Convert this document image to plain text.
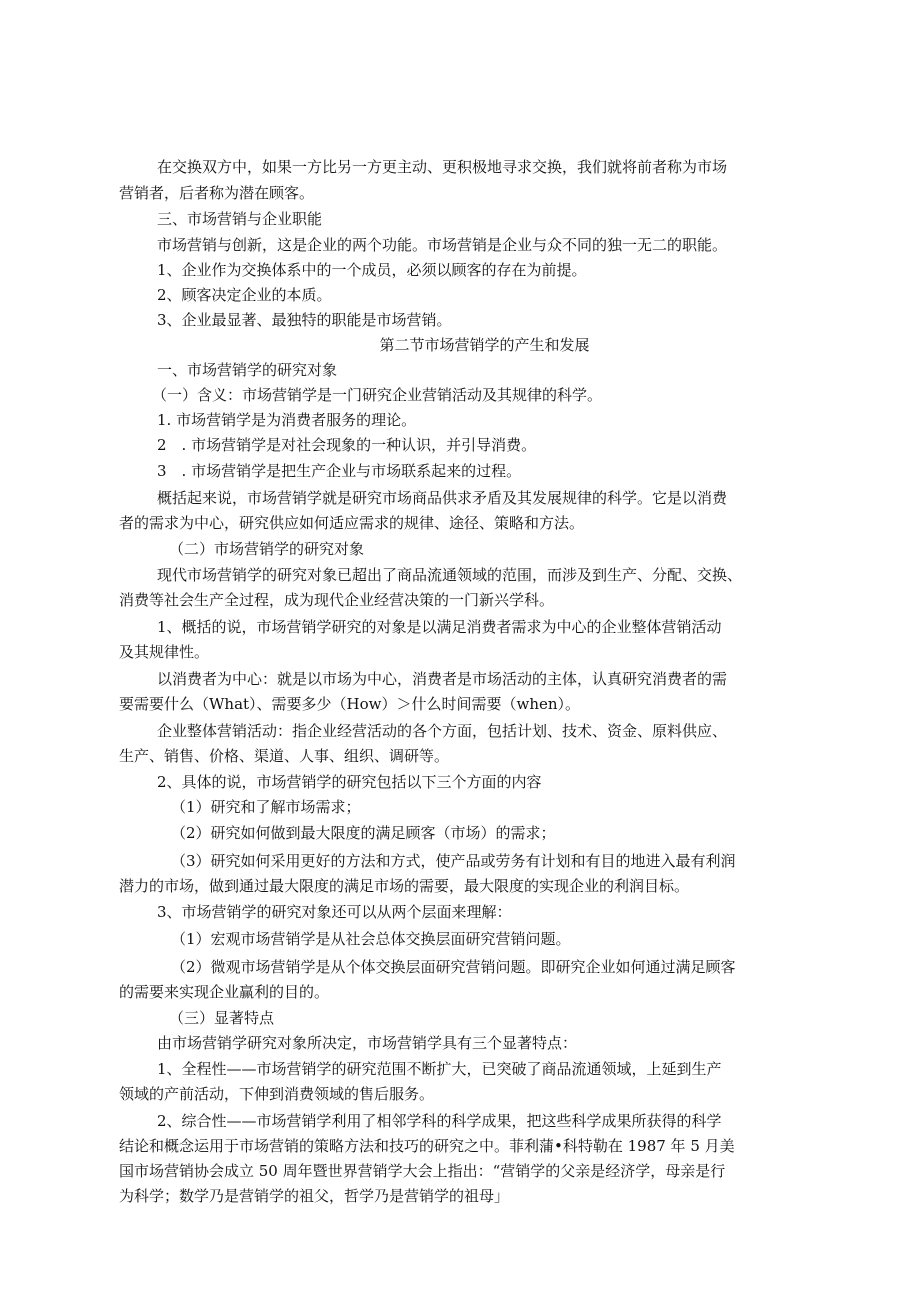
在交换双方中，如果一方比另一方更主动、更积极地寻求交换，我们就将前者称为市场
营销者，后者称为潜在顾客。
三、市场营销与企业职能
市场营销与创新，这是企业的两个功能。市场营销是企业与众不同的独一无二的职能。
1、企业作为交换体系中的一个成员，必须以顾客的存在为前提。
2、顾客决定企业的本质。
3、企业最显著、最独特的职能是市场营销。
第二节市场营销学的产生和发展
一、市场营销学的研究对象
（一）含义：市场营销学是一门研究企业营销活动及其规律的科学。
1. 市场营销学是为消费者服务的理论。
2　. 市场营销学是对社会现象的一种认识，并引导消费。
3　. 市场营销学是把生产企业与市场联系起来的过程。
概括起来说，市场营销学就是研究市场商品供求矛盾及其发展规律的科学。它是以消费
者的需求为中心，研究供应如何适应需求的规律、途径、策略和方法。
（二）市场营销学的研究对象
现代市场营销学的研究对象已超出了商品流通领域的范围，而涉及到生产、分配、交换、
消费等社会生产全过程，成为现代企业经营决策的一门新兴学科。
1、概括的说，市场营销学研究的对象是以满足消费者需求为中心的企业整体营销活动
及其规律性。
以消费者为中心：就是以市场为中心，消费者是市场活动的主体，认真研究消费者的需
要需要什么（What）、需要多少（How）＞什么时间需要（when）。
企业整体营销活动：指企业经营活动的各个方面，包括计划、技术、资金、原料供应、
生产、销售、价格、渠道、人事、组织、调研等。
2、具体的说，市场营销学的研究包括以下三个方面的内容
（1）研究和了解市场需求；
（2）研究如何做到最大限度的满足顾客（市场）的需求；
（3）研究如何采用更好的方法和方式，使产品或劳务有计划和有目的地进入最有利润
潜力的市场，做到通过最大限度的满足市场的需要，最大限度的实现企业的利润目标。
3、市场营销学的研究对象还可以从两个层面来理解：
（1）宏观市场营销学是从社会总体交换层面研究营销问题。
（2）微观市场营销学是从个体交换层面研究营销问题。即研究企业如何通过满足顾客
的需要来实现企业赢利的目的。
（三）显著特点
由市场营销学研究对象所决定，市场营销学具有三个显著特点：
1、全程性——市场营销学的研究范围不断扩大，已突破了商品流通领域，上延到生产
领域的产前活动，下伸到消费领域的售后服务。
2、综合性——市场营销学利用了相邻学科的科学成果，把这些科学成果所获得的科学
结论和概念运用于市场营销的策略方法和技巧的研究之中。菲利蒲•科特勒在 1987 年 5 月美
国市场营销协会成立 50 周年暨世界营销学大会上指出：“营销学的父亲是经济学，母亲是行
为科学；数学乃是营销学的祖父，哲学乃是营销学的祖母」
